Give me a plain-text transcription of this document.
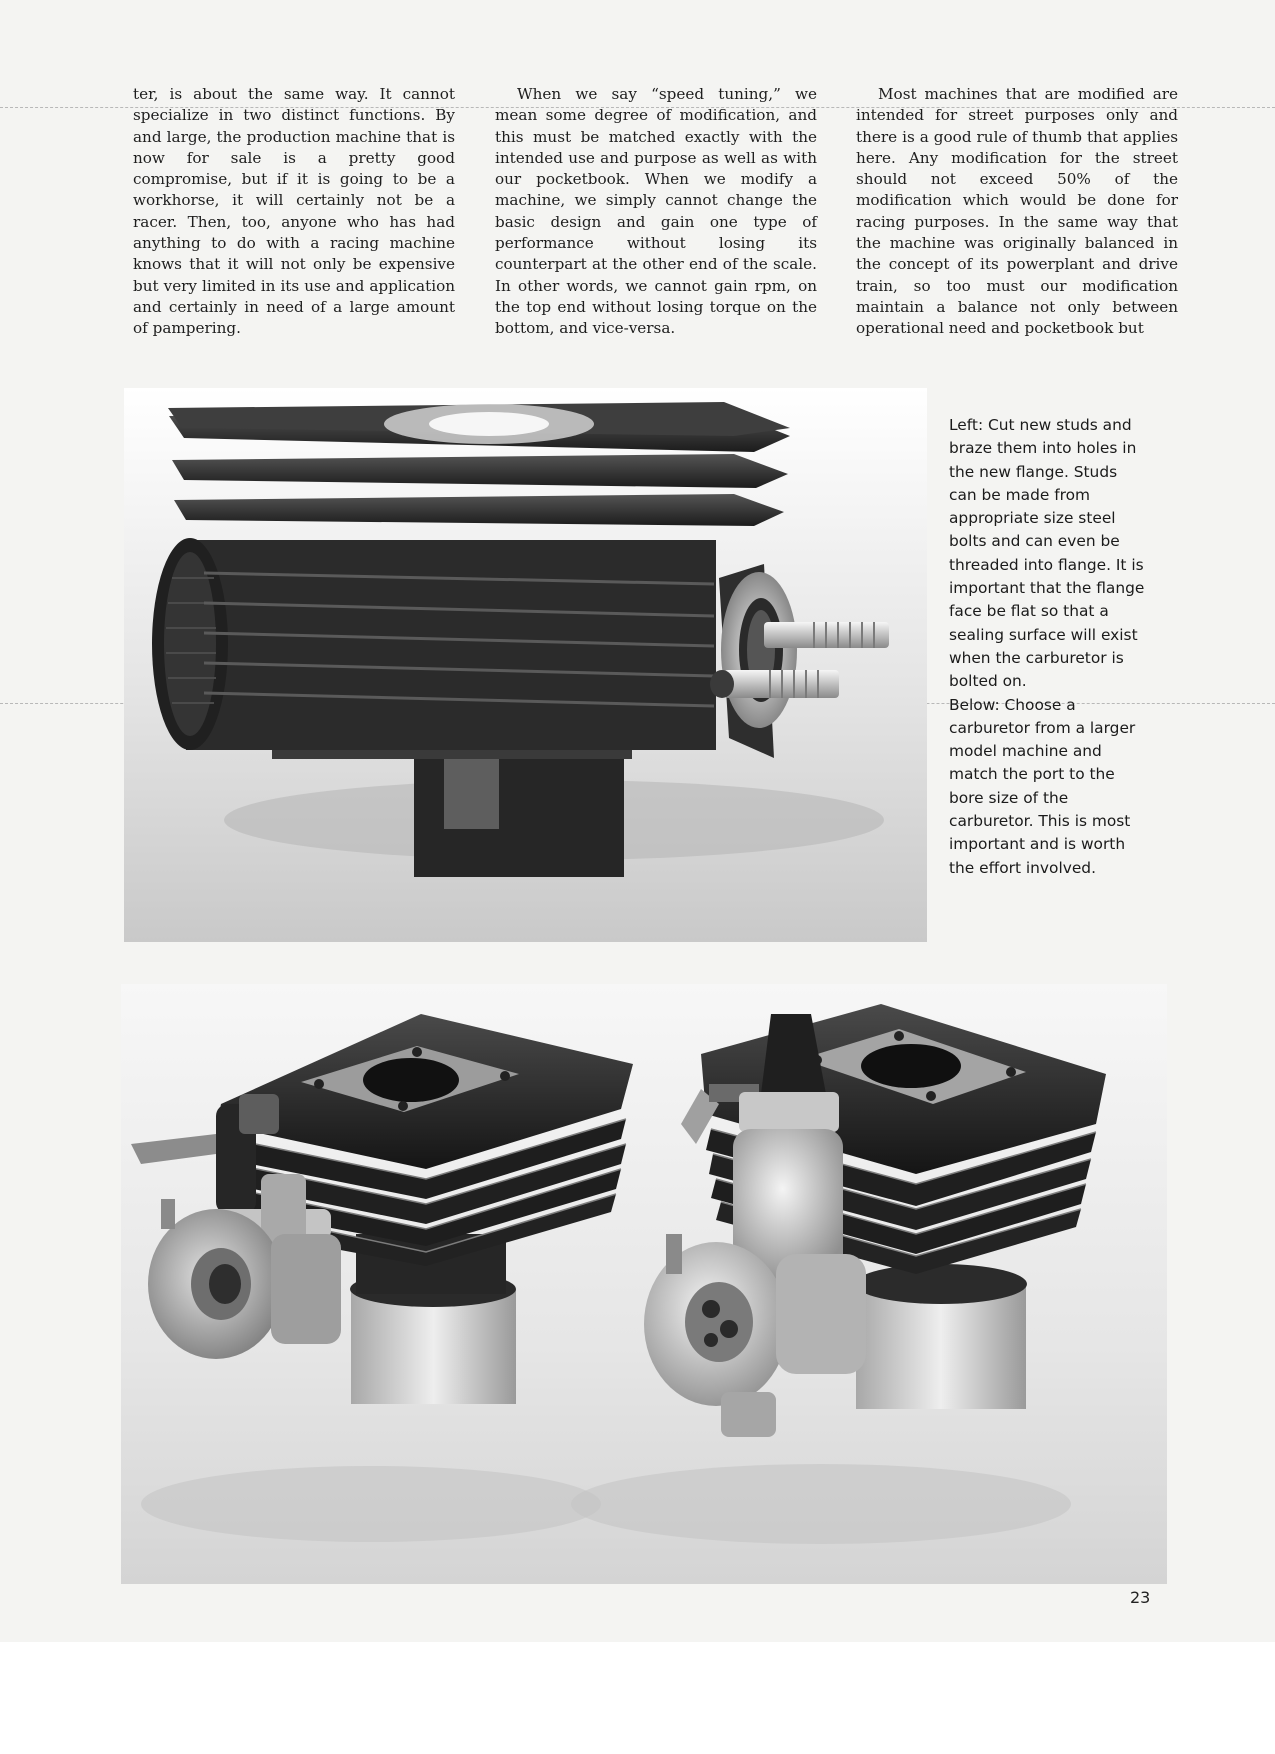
ter, is about the same way. It cannot specialize in two distinct functions. By and large, the production machine that is now for sale is a pretty good compromise, but if it is going to be a workhorse, it will certainly not be a racer. Then, too, anyone who has had anything to do with a racing machine knows that it will not only be expensive but very limited in its use and application and certainly in need of a large amount of pampering.

When we say “speed tuning,” we mean some degree of modification, and this must be matched exactly with the intended use and purpose as well as with our pocketbook. When we modify a machine, we simply cannot change the basic design and gain one type of performance without losing its counterpart at the other end of the scale. In other words, we cannot gain rpm, on the top end without losing torque on the bottom, and vice-versa.

Most machines that are modified are intended for street purposes only and there is a good rule of thumb that applies here. Any modification for the street should not exceed 50% of the modification which would be done for racing purposes. In the same way that the machine was originally balanced in the concept of its powerplant and drive train, so too must our modification maintain a balance not only between operational need and pocketbook but

Left: Cut new studs and braze them into holes in the new flange. Studs can be made from appropriate size steel bolts and can even be threaded into flange. It is important that the flange face be flat so that a sealing surface will exist when the carburetor is bolted on.

Below: Choose a carburetor from a larger model machine and match the port to the bore size of the carburetor. This is most important and is worth the effort involved.

23
